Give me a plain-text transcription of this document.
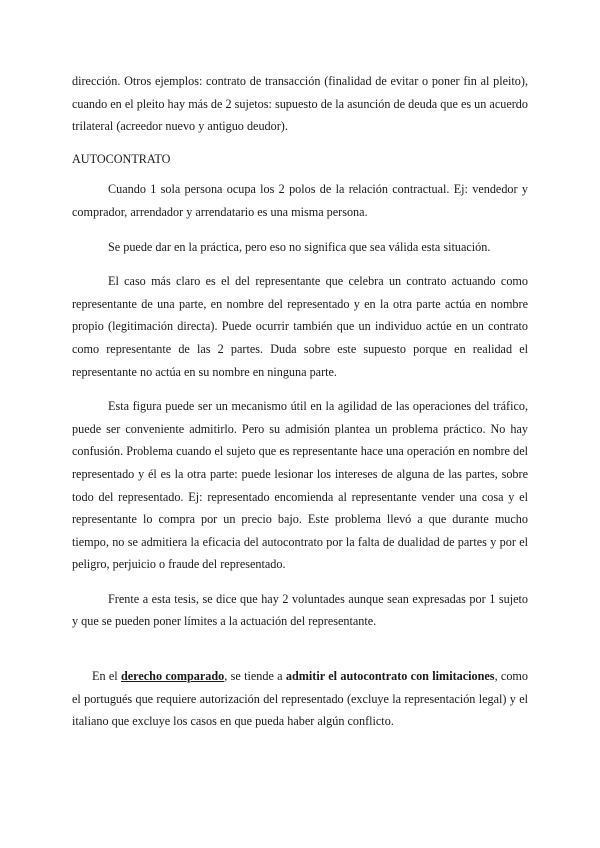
dirección. Otros ejemplos: contrato de transacción (finalidad de evitar o poner fin al pleito), cuando en el pleito hay más de 2 sujetos: supuesto de la asunción de deuda que es un acuerdo trilateral (acreedor nuevo y antiguo deudor).

AUTOCONTRATO

Cuando 1 sola persona ocupa los 2 polos de la relación contractual. Ej: vendedor y comprador, arrendador y arrendatario es una misma persona.

Se puede dar en la práctica, pero eso no significa que sea válida esta situación.

El caso más claro es el del representante que celebra un contrato actuando como representante de una parte, en nombre del representado y en la otra parte actúa en nombre propio (legitimación directa). Puede ocurrir también que un individuo actúe en un contrato como representante de las 2 partes. Duda sobre este supuesto porque en realidad el representante no actúa en su nombre en ninguna parte.

Esta figura puede ser un mecanismo útil en la agilidad de las operaciones del tráfico, puede ser conveniente admitirlo. Pero su admisión plantea un problema práctico. No hay confusión. Problema cuando el sujeto que es representante hace una operación en nombre del representado y él es la otra parte: puede lesionar los intereses de alguna de las partes, sobre todo del representado. Ej: representado encomienda al representante vender una cosa y el representante lo compra por un precio bajo. Este problema llevó a que durante mucho tiempo, no se admitiera la eficacia del autocontrato por la falta de dualidad de partes y por el peligro, perjuicio o fraude del representado.

Frente a esta tesis, se dice que hay 2 voluntades aunque sean expresadas por 1 sujeto y que se pueden poner límites a la actuación del representante.

En el derecho comparado, se tiende a admitir el autocontrato con limitaciones, como el portugués que requiere autorización del representado (excluye la representación legal) y el italiano que excluye los casos en que pueda haber algún conflicto.
